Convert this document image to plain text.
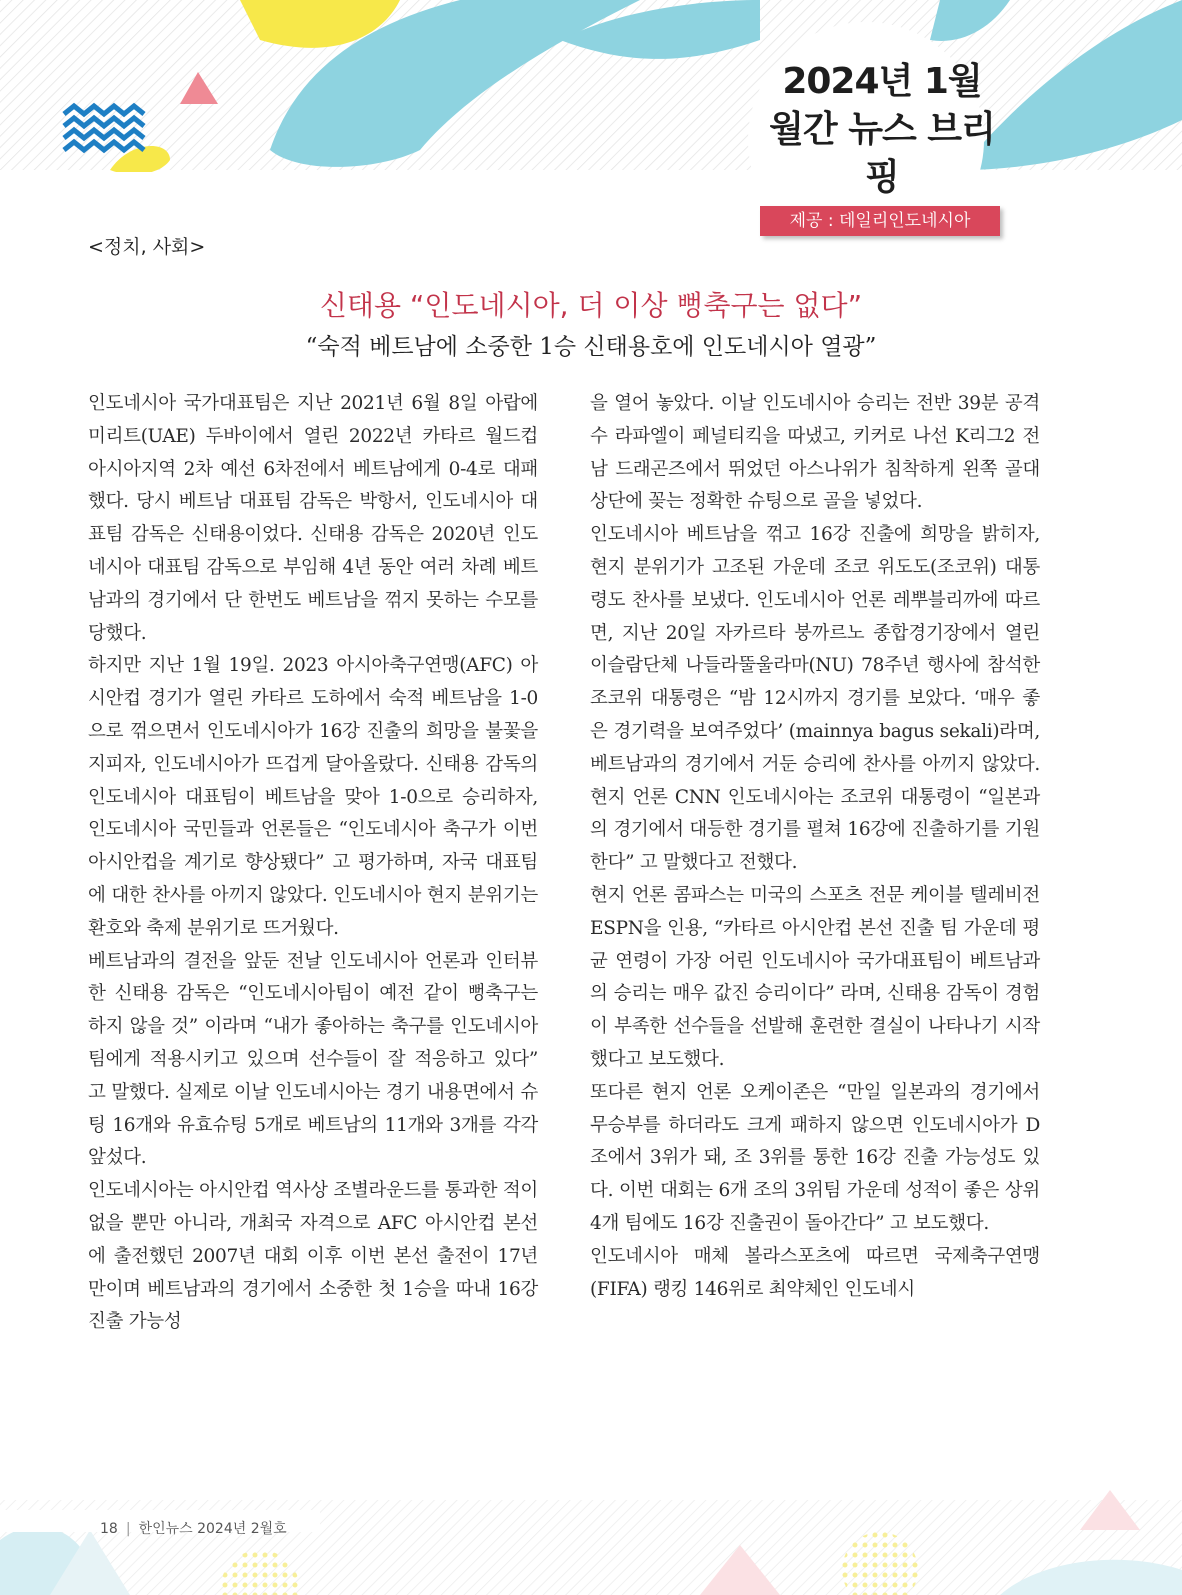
2024년 1월
월간 뉴스 브리핑
제공 : 데일리인도네시아
<정치, 사회>
신태용 “인도네시아, 더 이상 뻥축구는 없다”
“숙적 베트남에 소중한 1승 신태용호에 인도네시아 열광”

인도네시아 국가대표팀은 지난 2021년 6월 8일 아랍에미리트(UAE) 두바이에서 열린 2022년 카타르 월드컵 아시아지역 2차 예선 6차전에서 베트남에게 0-4로 대패했다. 당시 베트남 대표팀 감독은 박항서, 인도네시아 대표팀 감독은 신태용이었다. 신태용 감독은 2020년 인도네시아 대표팀 감독으로 부임해 4년 동안 여러 차례 베트남과의 경기에서 단 한번도 베트남을 꺾지 못하는 수모를 당했다.

하지만 지난 1월 19일. 2023 아시아축구연맹(AFC) 아시안컵 경기가 열린 카타르 도하에서 숙적 베트남을 1-0으로 꺾으면서 인도네시아가 16강 진출의 희망을 불꽃을 지피자, 인도네시아가 뜨겁게 달아올랐다. 신태용 감독의 인도네시아 대표팀이 베트남을 맞아 1-0으로 승리하자, 인도네시아 국민들과 언론들은 “인도네시아 축구가 이번 아시안컵을 계기로 향상됐다” 고 평가하며, 자국 대표팀에 대한 찬사를 아끼지 않았다. 인도네시아 현지 분위기는 환호와 축제 분위기로 뜨거웠다.

베트남과의 결전을 앞둔 전날 인도네시아 언론과 인터뷰한 신태용 감독은 “인도네시아팀이 예전 같이 뻥축구는 하지 않을 것” 이라며 “내가 좋아하는 축구를 인도네시아팀에게 적용시키고 있으며 선수들이 잘 적응하고 있다” 고 말했다. 실제로 이날 인도네시아는 경기 내용면에서 슈팅 16개와 유효슈팅 5개로 베트남의 11개와 3개를 각각 앞섰다.

인도네시아는 아시안컵 역사상 조별라운드를 통과한 적이 없을 뿐만 아니라, 개최국 자격으로 AFC 아시안컵 본선에 출전했던 2007년 대회 이후 이번 본선 출전이 17년 만이며 베트남과의 경기에서 소중한 첫 1승을 따내 16강 진출 가능성

을 열어 놓았다. 이날 인도네시아 승리는 전반 39분 공격수 라파엘이 페널티킥을 따냈고, 키커로 나선 K리그2 전남 드래곤즈에서 뛰었던 아스나위가 침착하게 왼쪽 골대 상단에 꽂는 정확한 슈팅으로 골을 넣었다.

인도네시아 베트남을 꺾고 16강 진출에 희망을 밝히자, 현지 분위기가 고조된 가운데 조코 위도도(조코위) 대통령도 찬사를 보냈다. 인도네시아 언론 레뿌블리까에 따르면, 지난 20일 자카르타 붕까르노 종합경기장에서 열린 이슬람단체 나들라뚤울라마(NU) 78주년 행사에 참석한 조코위 대통령은 “밤 12시까지 경기를 보았다. ‘매우 좋은 경기력을 보여주었다’ (mainnya bagus sekali)라며, 베트남과의 경기에서 거둔 승리에 찬사를 아끼지 않았다. 현지 언론 CNN 인도네시아는 조코위 대통령이 “일본과의 경기에서 대등한 경기를 펼쳐 16강에 진출하기를 기원한다” 고 말했다고 전했다.

현지 언론 콤파스는 미국의 스포츠 전문 케이블 텔레비전 ESPN을 인용, “카타르 아시안컵 본선 진출 팀 가운데 평균 연령이 가장 어린 인도네시아 국가대표팀이 베트남과의 승리는 매우 값진 승리이다” 라며, 신태용 감독이 경험이 부족한 선수들을 선발해 훈련한 결실이 나타나기 시작했다고 보도했다.

또다른 현지 언론 오케이존은 “만일 일본과의 경기에서 무승부를 하더라도 크게 패하지 않으면 인도네시아가 D조에서 3위가 돼, 조 3위를 통한 16강 진출 가능성도 있다. 이번 대회는 6개 조의 3위팀 가운데 성적이 좋은 상위 4개 팀에도 16강 진출권이 돌아간다” 고 보도했다.

인도네시아 매체 볼라스포츠에 따르면 국제축구연맹(FIFA) 랭킹 146위로 최약체인 인도네시

18 | 한인뉴스 2024년 2월호
